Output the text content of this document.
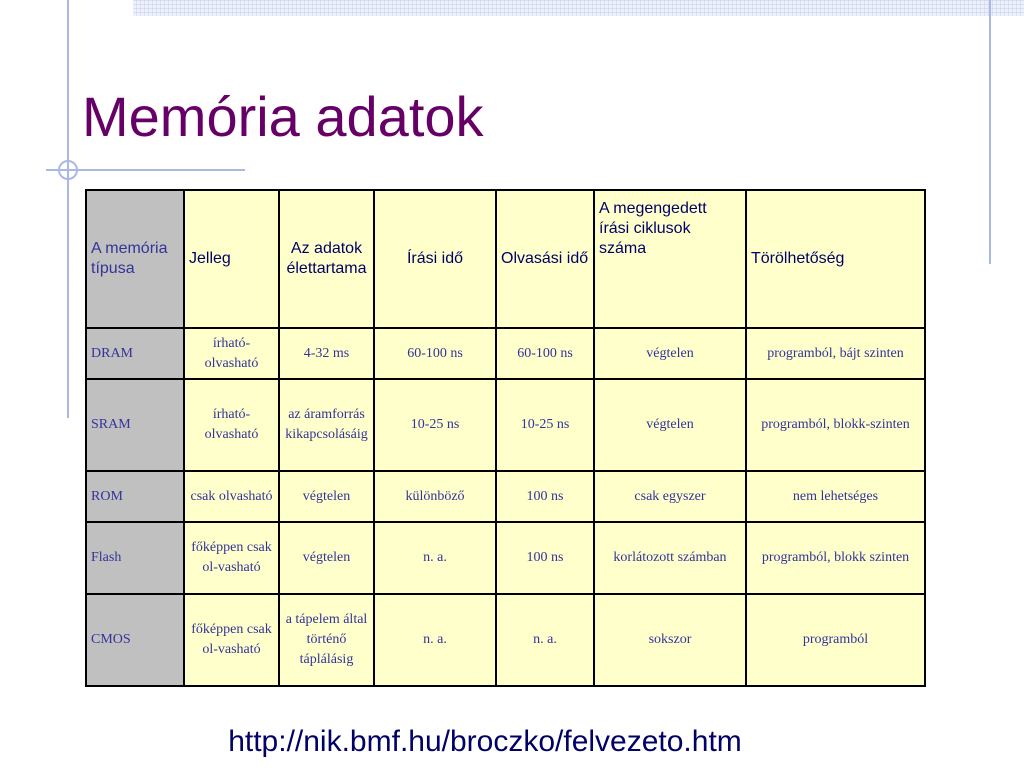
Memória adatok
A memória típusa	Jelleg	Az adatok élettartama	Írási idő	Olvasási idő	A megengedett írási ciklusok száma	Törölhetőség
DRAM	írható-olvasható	4-32 ms	60-100 ns	60-100 ns	végtelen	programból, bájt szinten
SRAM	írható-olvasható	az áramforrás kikapcsolásáig	10-25 ns	10-25 ns	végtelen	programból, blokk-szinten
ROM	csak olvasható	végtelen	különböző	100 ns	csak egyszer	nem lehetséges
Flash	főképpen csak ol-vasható	végtelen	n. a.	100 ns	korlátozott számban	programból, blokk szinten
CMOS	főképpen csak ol-vasható	a tápelem által történő táplálásig	n. a.	n. a.	sokszor	programból
http://nik.bmf.hu/broczko/felvezeto.htm
